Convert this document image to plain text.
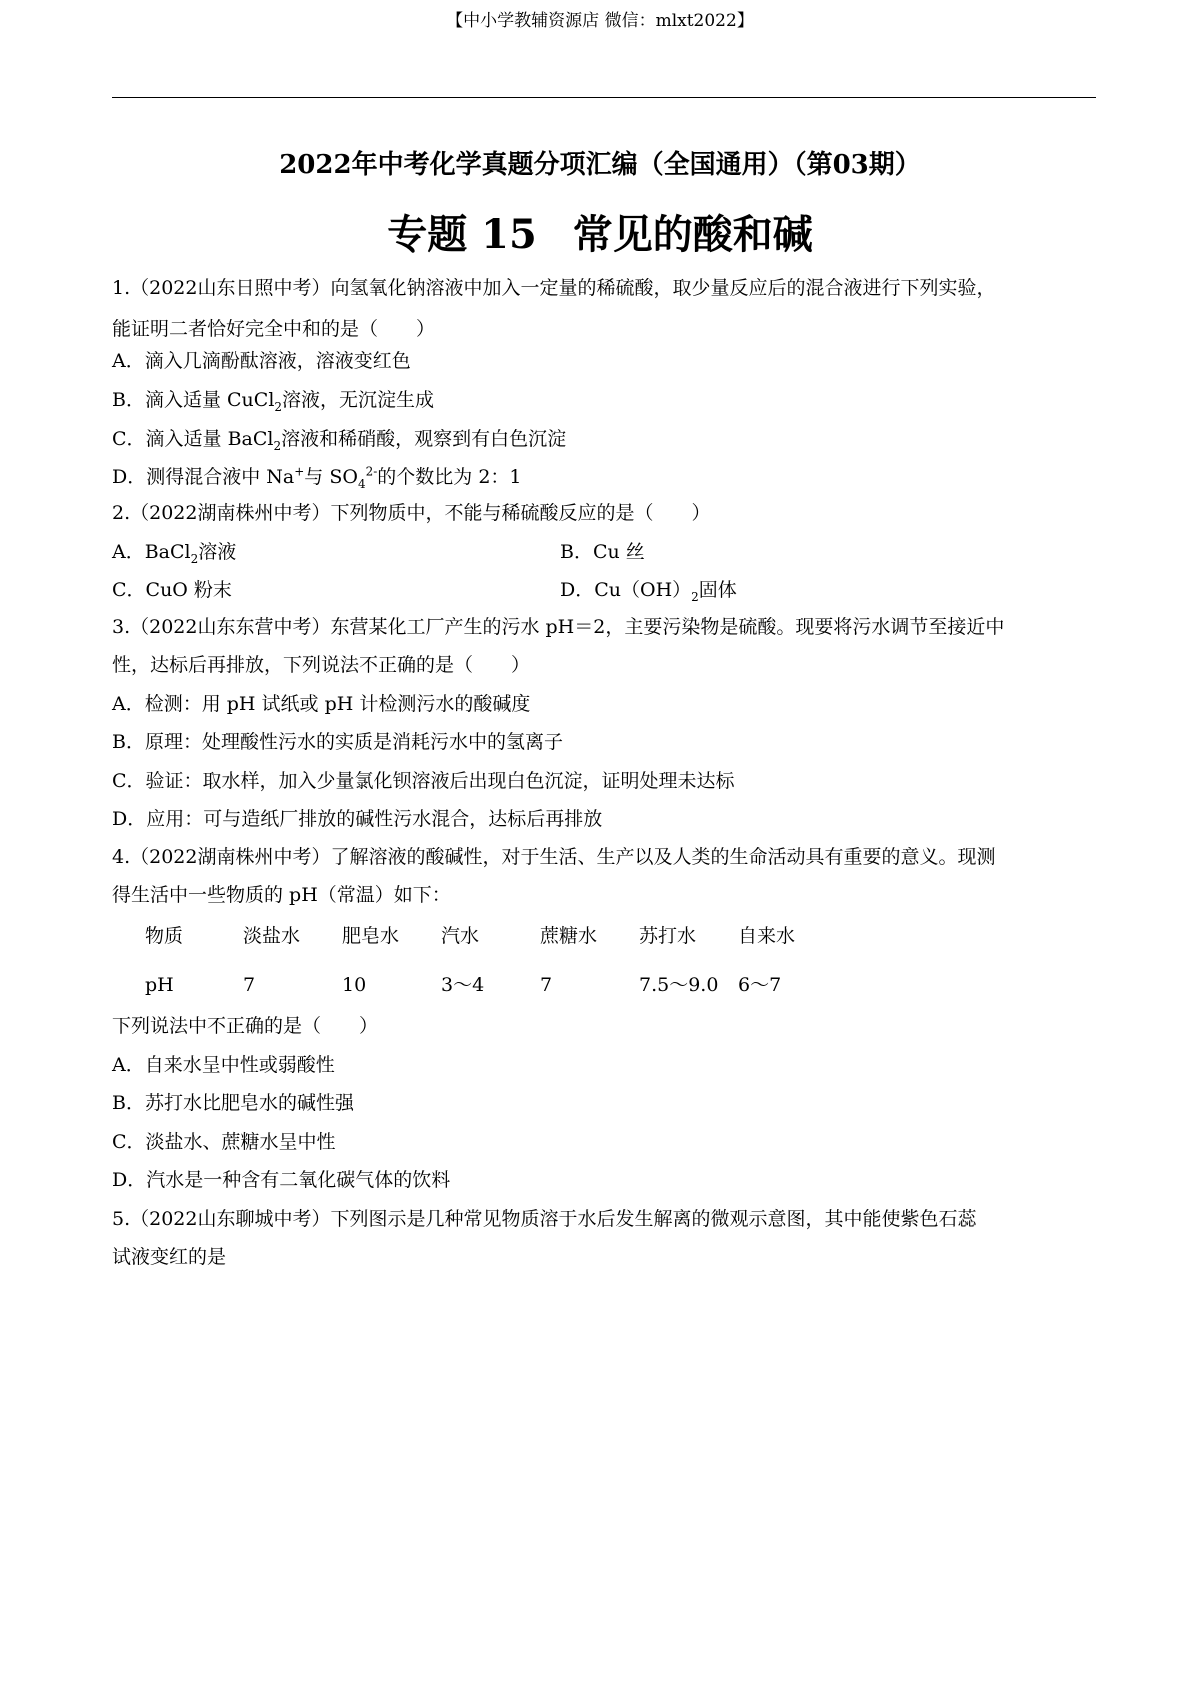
【中小学教辅资源店 微信：mlxt2022】
2022年中考化学真题分项汇编（全国通用）（第03期）
专题 15 常见的酸和碱
1.（2022山东日照中考）向氢氧化钠溶液中加入一定量的稀硫酸，取少量反应后的混合液进行下列实验，
能证明二者恰好完全中和的是（　　）
A．滴入几滴酚酞溶液，溶液变红色
B．滴入适量 CuCl$_2$溶液，无沉淀生成
C．滴入适量 BaCl$_2$溶液和稀硝酸，观察到有白色沉淀
D．测得混合液中 Na+与 $SO_4^{2-}$的个数比为 2：1
2.（2022湖南株州中考）下列物质中，不能与稀硫酸反应的是（　　）
A．BaCl$_2$溶液	B．Cu 丝
C．CuO 粉末	D．$Cu(OH)_2$固体
3.（2022山东东营中考）东营某化工厂产生的污水 pH＝2，主要污染物是硫酸。现要将污水调节至接近中
性，达标后再排放，下列说法不正确的是（　　）
A．检测：用 pH 试纸或 pH 计检测污水的酸碱度
B．原理：处理酸性污水的实质是消耗污水中的氢离子
C．验证：取水样，加入少量氯化钡溶液后出现白色沉淀，证明处理未达标
D．应用：可与造纸厂排放的碱性污水混合，达标后再排放
4.（2022湖南株州中考）了解溶液的酸碱性，对于生活、生产以及人类的生命活动具有重要的意义。现测
得生活中一些物质的 pH（常温）如下：
物质	淡盐水 肥皂水 汽水	蔗糖水 苏打水 自来水
pH	7	10	3～4	7	7.5～9.0 6～7
下列说法中不正确的是（　　）
A．自来水呈中性或弱酸性
B．苏打水比肥皂水的碱性强
C．淡盐水、蔗糖水呈中性
D．汽水是一种含有二氧化碳气体的饮料
5.（2022山东聊城中考）下列图示是几种常见物质溶于水后发生解离的微观示意图，其中能使紫色石蕊
试液变红的是
